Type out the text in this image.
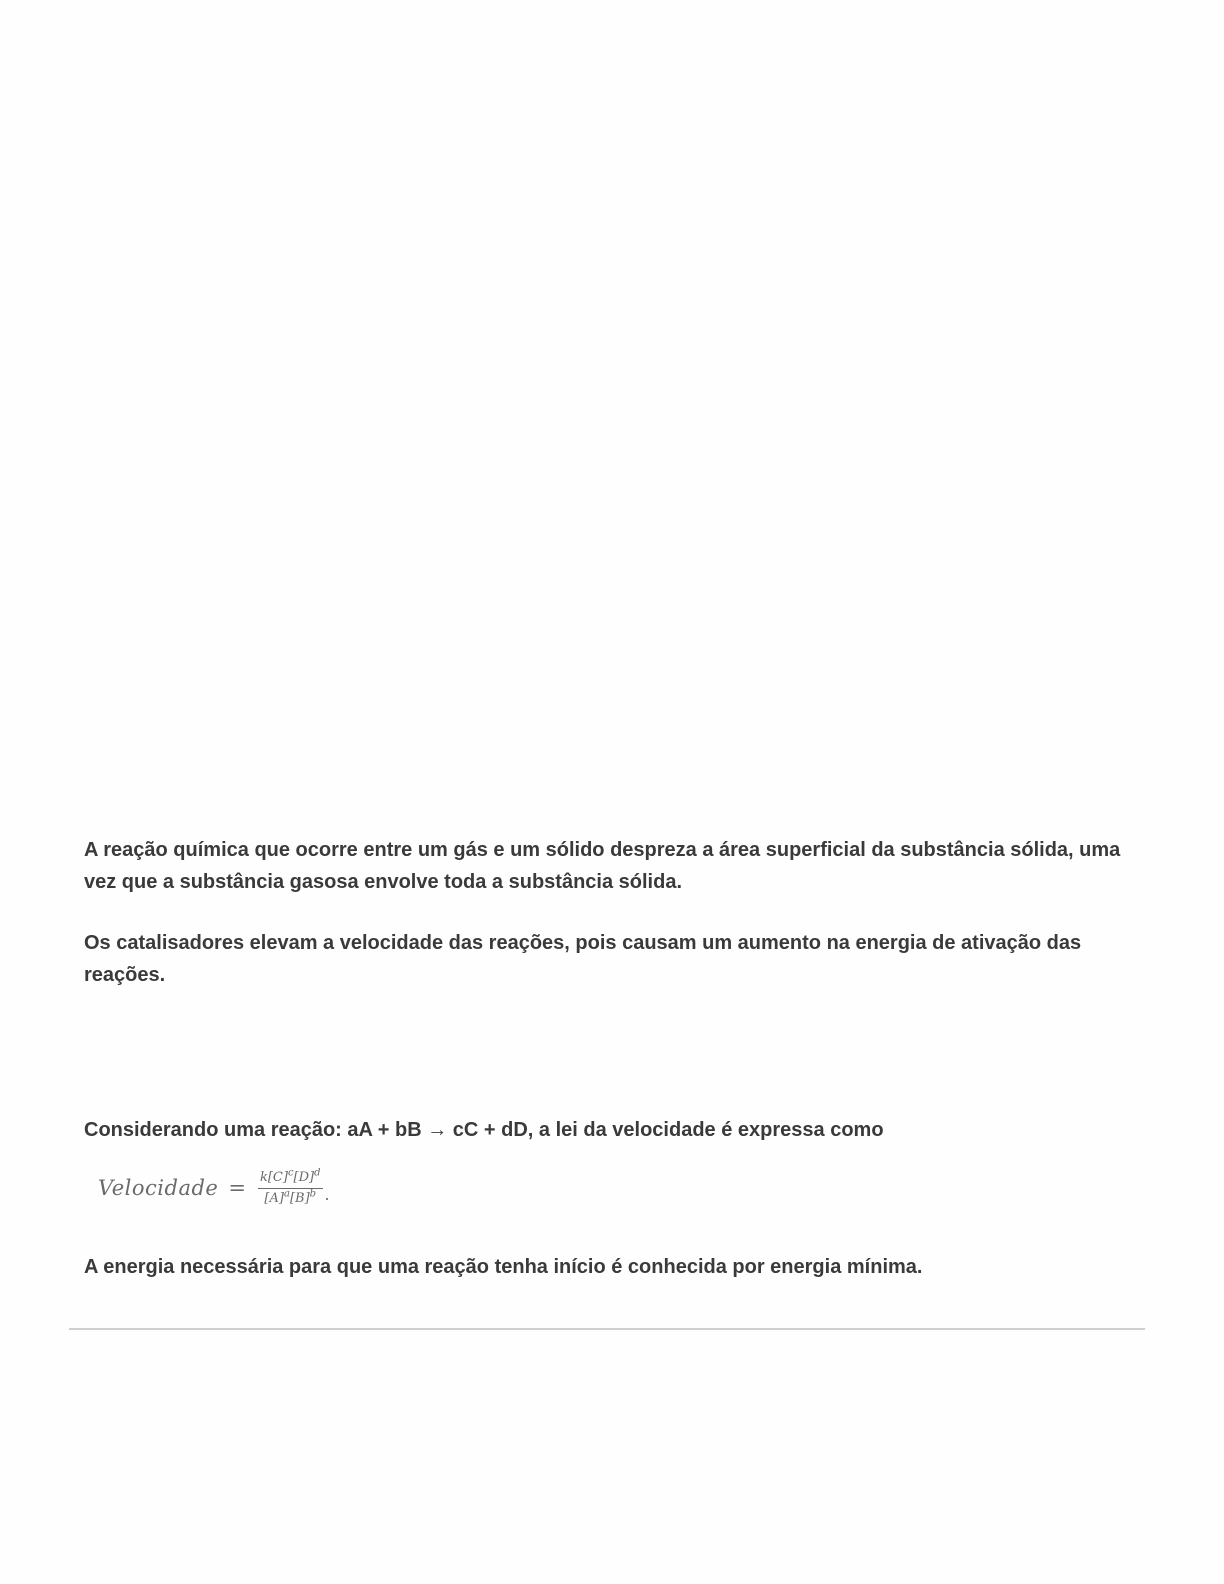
A reação química que ocorre entre um gás e um sólido despreza a área superficial da substância sólida, uma vez que a substância gasosa envolve toda a substância sólida.

Os catalisadores elevam a velocidade das reações, pois causam um aumento na energia de ativação das reações.

Considerando uma reação: aA + bB → cC + dD, a lei da velocidade é expressa como

Velocidade = $\frac{k[C]^c[D]^d}{[A]^a[B]^b}$ .

A energia necessária para que uma reação tenha início é conhecida por energia mínima.
